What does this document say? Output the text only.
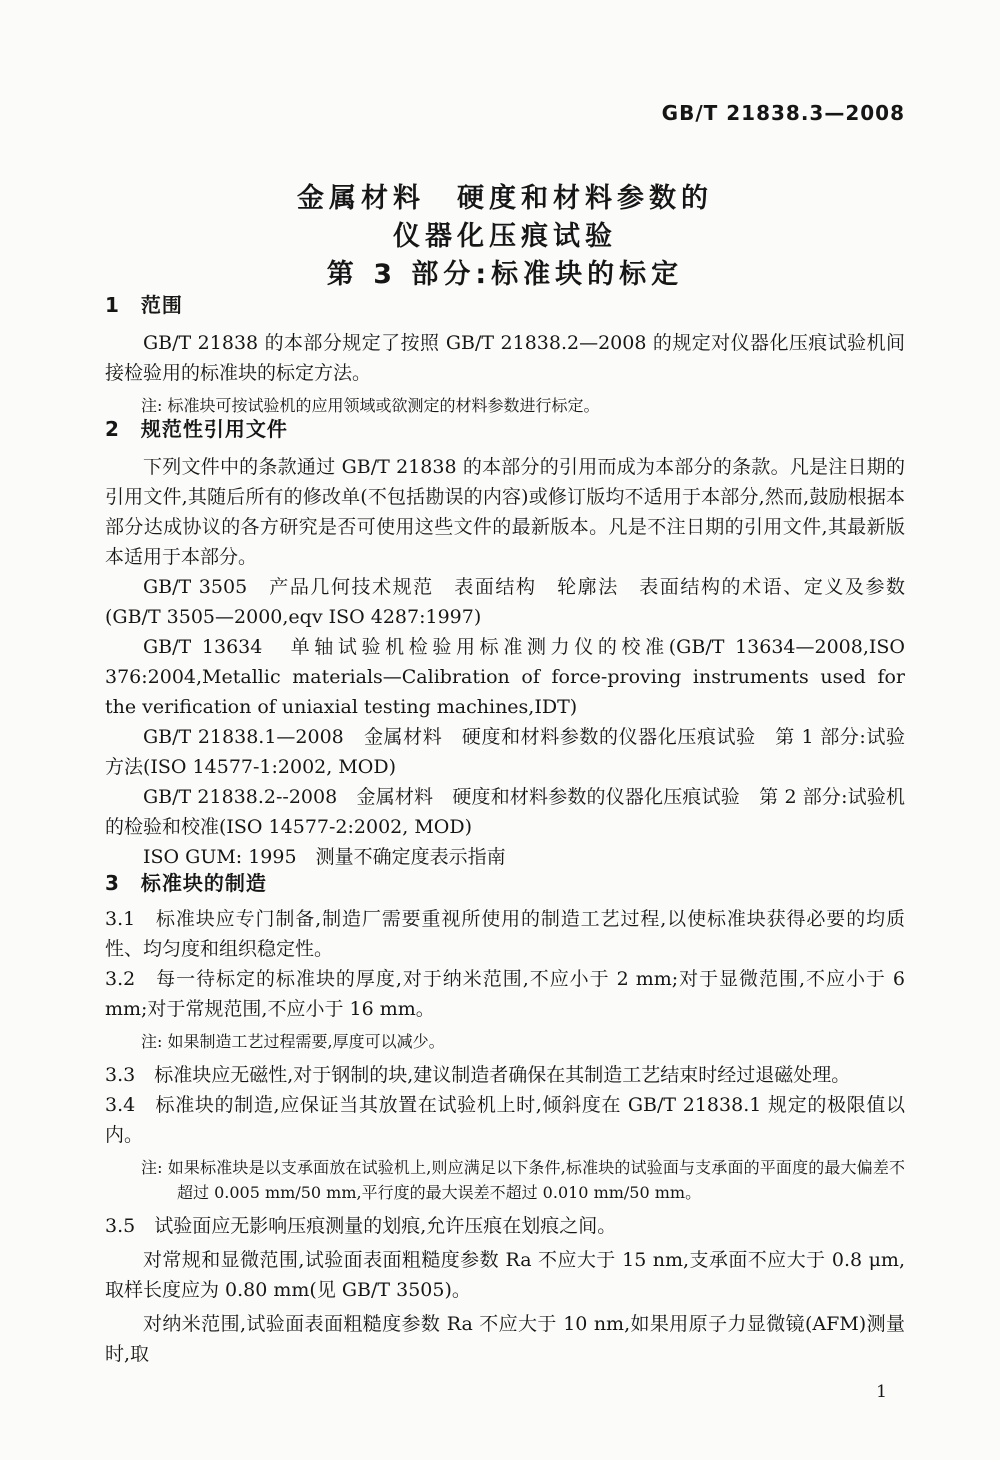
GB/T 21838.3—2008
金属材料　硬度和材料参数的
仪器化压痕试验
第 3 部分:标准块的标定
1　范围

GB/T 21838 的本部分规定了按照 GB/T 21838.2—2008 的规定对仪器化压痕试验机间接检验用的标准块的标定方法。

注: 标准块可按试验机的应用领域或欲测定的材料参数进行标定。

2　规范性引用文件

下列文件中的条款通过 GB/T 21838 的本部分的引用而成为本部分的条款。凡是注日期的引用文件,其随后所有的修改单(不包括勘误的内容)或修订版均不适用于本部分,然而,鼓励根据本部分达成协议的各方研究是否可使用这些文件的最新版本。凡是不注日期的引用文件,其最新版本适用于本部分。

GB/T 3505　产品几何技术规范　表面结构　轮廓法　表面结构的术语、定义及参数(GB/T 3505—2000,eqv ISO 4287:1997)

GB/T 13634　单轴试验机检验用标准测力仪的校准(GB/T 13634—2008,ISO 376:2004,Metallic materials—Calibration of force-proving instruments used for the verification of uniaxial testing machines,IDT)

GB/T 21838.1—2008　金属材料　硬度和材料参数的仪器化压痕试验　第 1 部分:试验方法(ISO 14577-1:2002, MOD)

GB/T 21838.2--2008　金属材料　硬度和材料参数的仪器化压痕试验　第 2 部分:试验机的检验和校准(ISO 14577-2:2002, MOD)

ISO GUM: 1995　测量不确定度表示指南

3　标准块的制造

3.1　标准块应专门制备,制造厂需要重视所使用的制造工艺过程,以使标准块获得必要的均质性、均匀度和组织稳定性。

3.2　每一待标定的标准块的厚度,对于纳米范围,不应小于 2 mm;对于显微范围,不应小于 6 mm;对于常规范围,不应小于 16 mm。

注: 如果制造工艺过程需要,厚度可以减少。

3.3　标准块应无磁性,对于钢制的块,建议制造者确保在其制造工艺结束时经过退磁处理。

3.4　标准块的制造,应保证当其放置在试验机上时,倾斜度在 GB/T 21838.1 规定的极限值以内。

注: 如果标准块是以支承面放在试验机上,则应满足以下条件,标准块的试验面与支承面的平面度的最大偏差不超过 0.005 mm/50 mm,平行度的最大误差不超过 0.010 mm/50 mm。

3.5　试验面应无影响压痕测量的划痕,允许压痕在划痕之间。

对常规和显微范围,试验面表面粗糙度参数 Ra 不应大于 15 nm,支承面不应大于 0.8 μm,取样长度应为 0.80 mm(见 GB/T 3505)。

对纳米范围,试验面表面粗糙度参数 Ra 不应大于 10 nm,如果用原子力显微镜(AFM)测量时,取

1
